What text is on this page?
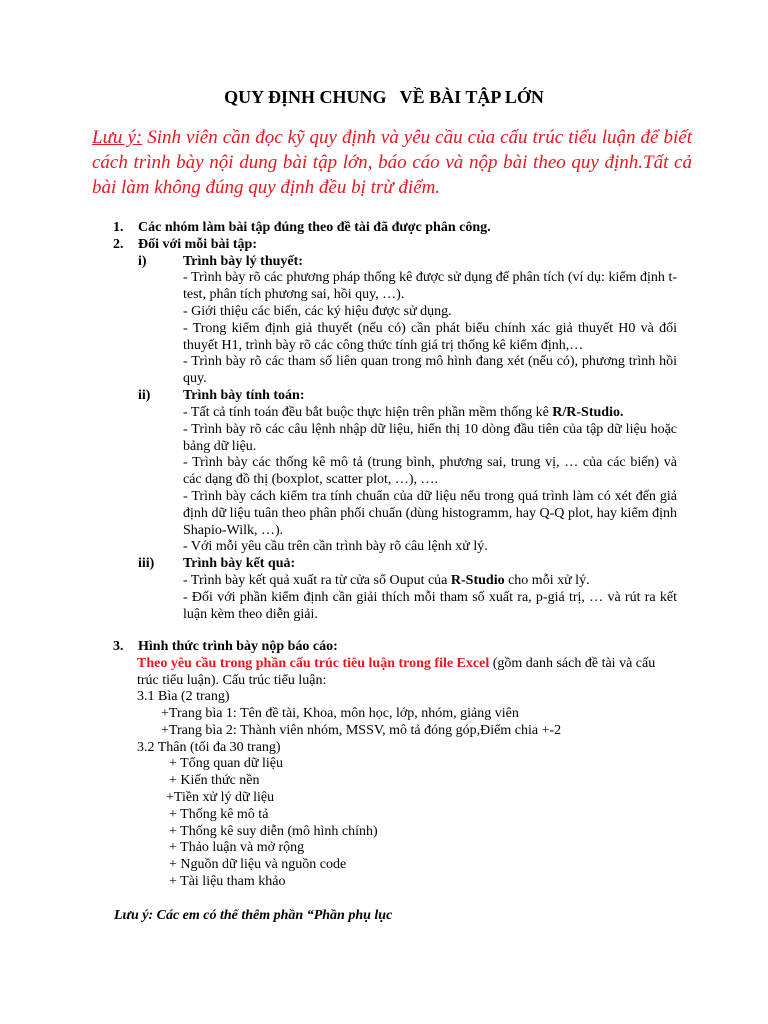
QUY ĐỊNH CHUNG   VỀ BÀI TẬP LỚN
Lưu ý: Sinh viên cần đọc kỹ quy định và yêu cầu của cấu trúc tiểu luận để biết cách trình bày nội dung bài tập lớn, báo cáo và nộp bài theo quy định.Tất cả bài làm không đúng quy định đều bị trừ điểm.
1. Các nhóm làm bài tập đúng theo đề tài đã được phân công.
2. Đối với mỗi bài tập:
i)	Trình bày lý thuyết:
- Trình bày rõ các phương pháp thống kê được sử dụng để phân tích (ví dụ: kiểm định t-test, phân tích phương sai, hồi quy, …).
- Giới thiệu các biến, các ký hiệu được sử dụng.
- Trong kiểm định giả thuyết (nếu có) cần phát biểu chính xác giả thuyết H0 và đối thuyết H1, trình bày rõ các công thức tính giá trị thống kê kiểm định,…
- Trình bày rõ các tham số liên quan trong mô hình đang xét (nếu có), phương trình hồi quy.
ii) Trình bày tính toán:
- Tất cả tính toán đều bắt buộc thực hiện trên phần mềm thống kê R/R-Studio.
- Trình bày rõ các câu lệnh nhập dữ liệu, hiển thị 10 dòng đầu tiên của tập dữ liệu hoặc bảng dữ liệu.
- Trình bày các thống kê mô tả (trung bình, phương sai, trung vị, … của các biến) và các dạng đồ thị (boxplot, scatter plot, …), ….
- Trình bày cách kiểm tra tính chuẩn của dữ liệu nếu trong quá trình làm có xét đến giả định dữ liệu tuân theo phân phối chuẩn (dùng histogramm, hay Q-Q plot, hay kiểm định Shapio-Wilk, …).
- Với mỗi yêu cầu trên cần trình bày rõ câu lệnh xử lý.
iii) Trình bày kết quả:
- Trình bày kết quả xuất ra từ cửa sổ Ouput của R-Studio cho mỗi xử lý.
- Đối với phần kiểm định cần giải thích mỗi tham số xuất ra, p-giá trị, … và rút ra kết luận kèm theo diễn giải.
3. Hình thức trình bày nộp báo cáo:
Theo yêu cầu trong phần cấu trúc tiêu luận trong file Excel (gồm danh sách đề tài và cấu trúc tiểu luận). Cấu trúc tiểu luận:
3.1 Bìa (2 trang)
+Trang bìa 1: Tên đề tài, Khoa, môn học, lớp, nhóm, giảng viên
+Trang bìa 2: Thành viên nhóm, MSSV, mô tả đóng góp,Điểm chia +-2
3.2 Thân (tối đa 30 trang)
+ Tổng quan dữ liệu
+ Kiến thức nền
+Tiền xử lý dữ liệu
+ Thống kê mô tả
+ Thống kê suy diễn (mô hình chính)
+ Thảo luận và mở rộng
+ Nguồn dữ liệu và nguồn code
+ Tài liệu tham khảo
Lưu ý: Các em có thể thêm phần “Phần phụ lục
